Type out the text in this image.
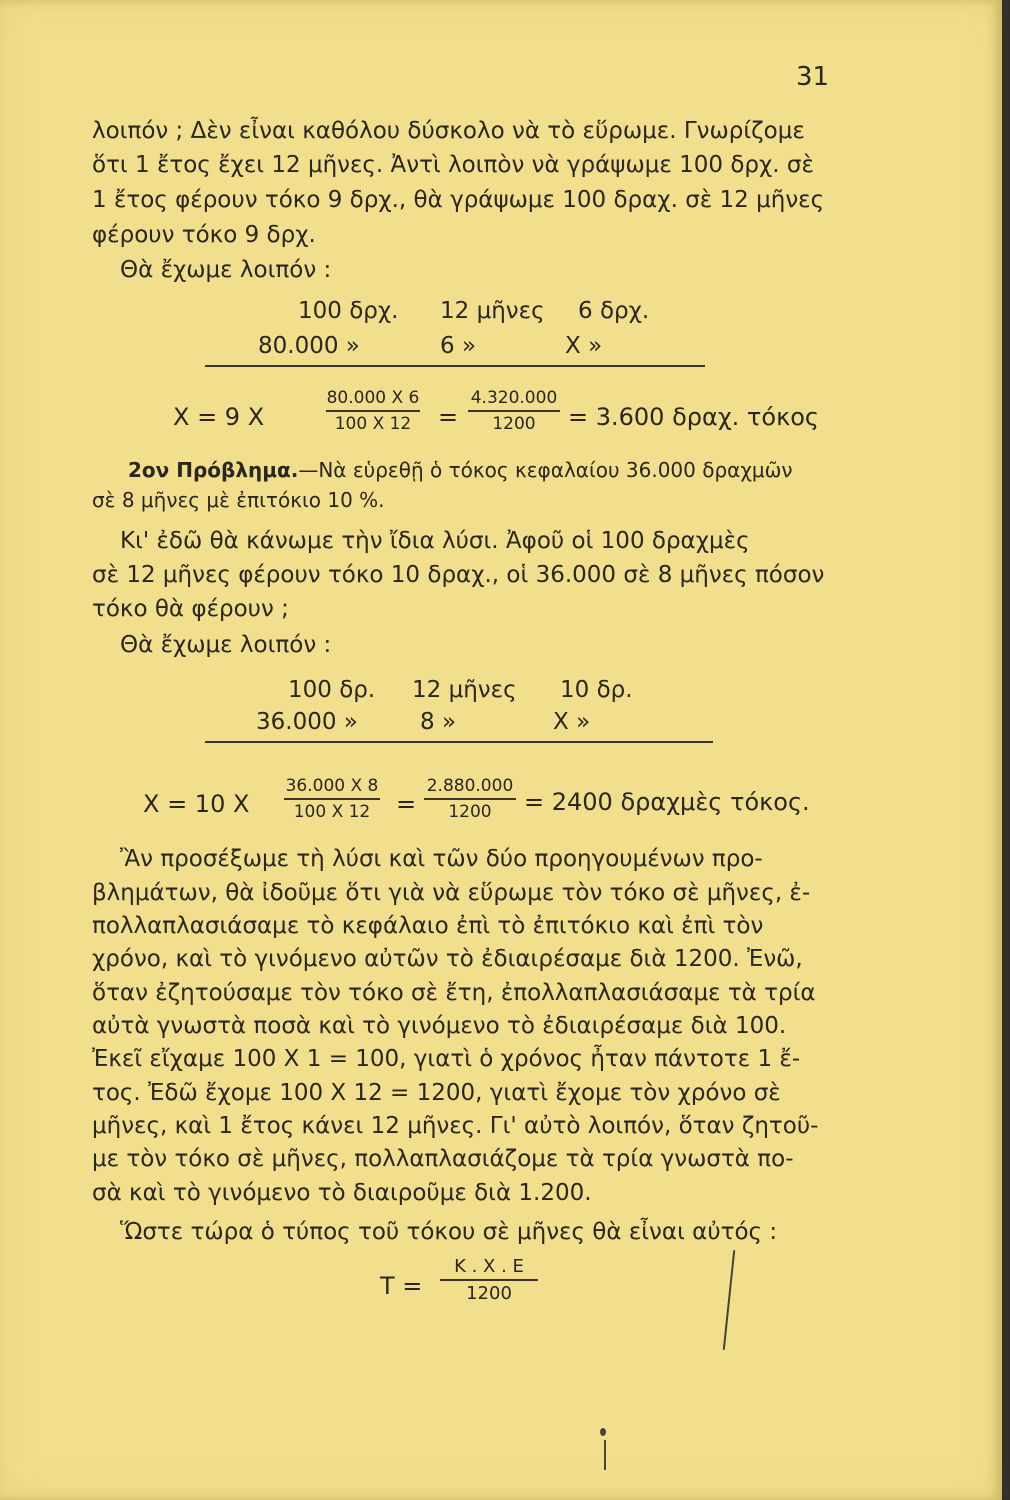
31
λοιπόν ; Δὲν εἶναι καθόλου δύσκολο νὰ τὸ εὕρωμε. Γνωρίζομε
ὅτι 1 ἔτος ἔχει 12 μῆνες. Ἀντὶ λοιπὸν νὰ γράψωμε 100 δρχ. σὲ
1 ἔτος φέρουν τόκο 9 δρχ., θὰ γράψωμε 100 δραχ. σὲ 12 μῆνες
φέρουν τόκο 9 δρχ.
Θὰ ἔχωμε λοιπόν :
100 δρχ. 12 μῆνες 6 δρχ.
80.000 »	6 »	X »
X = 9 X
80.000 X 6
100 X 12	=
4.320.000
1200	= 3.600 δραχ. τόκος
2ον Πρόβλημα.—Νὰ εὑρεθῇ ὁ τόκος κεφαλαίου 36.000 δραχμῶν
σὲ 8 μῆνες μὲ ἐπιτόκιο 10 %.
Κι' ἐδῶ θὰ κάνωμε τὴν ἴδια λύσι. Ἀφοῦ οἱ 100 δραχμὲς
σὲ 12 μῆνες φέρουν τόκο 10 δραχ., οἱ 36.000 σὲ 8 μῆνες πόσον
τόκο θὰ φέρουν ;
Θὰ ἔχωμε λοιπόν :
100 δρ. 12 μῆνες 10 δρ.
36.000 »	8 »	X »
X = 10 X
36.000 X 8
100 X 12	=
2.880.000
1200	= 2400 δραχμὲς τόκος.
Ἂν προσέξωμε τὴ λύσι καὶ τῶν δύο προηγουμένων προ-
βλημάτων, θὰ ἰδοῦμε ὅτι γιὰ νὰ εὕρωμε τὸν τόκο σὲ μῆνες, ἐ-
πολλαπλασιάσαμε τὸ κεφάλαιο ἐπὶ τὸ ἐπιτόκιο καὶ ἐπὶ τὸν
χρόνο, καὶ τὸ γινόμενο αὐτῶν τὸ ἐδιαιρέσαμε διὰ 1200. Ἐνῶ,
ὅταν ἐζητούσαμε τὸν τόκο σὲ ἔτη, ἐπολλαπλασιάσαμε τὰ τρία
αὐτὰ γνωστὰ ποσὰ καὶ τὸ γινόμενο τὸ ἐδιαιρέσαμε διὰ 100.
Ἐκεῖ εἴχαμε 100 X 1 = 100, γιατὶ ὁ χρόνος ἦταν πάντοτε 1 ἔ-
τος. Ἐδῶ ἔχομε 100 X 12 = 1200, γιατὶ ἔχομε τὸν χρόνο σὲ
μῆνες, καὶ 1 ἔτος κάνει 12 μῆνες. Γι' αὐτὸ λοιπόν, ὅταν ζητοῦ-
με τὸν τόκο σὲ μῆνες, πολλαπλασιάζομε τὰ τρία γνωστὰ πο-
σὰ καὶ τὸ γινόμενο τὸ διαιροῦμε διὰ 1.200.
Ὥστε τώρα ὁ τύπος τοῦ τόκου σὲ μῆνες θὰ εἶναι αὐτός :
T =
K . X . E
1200
